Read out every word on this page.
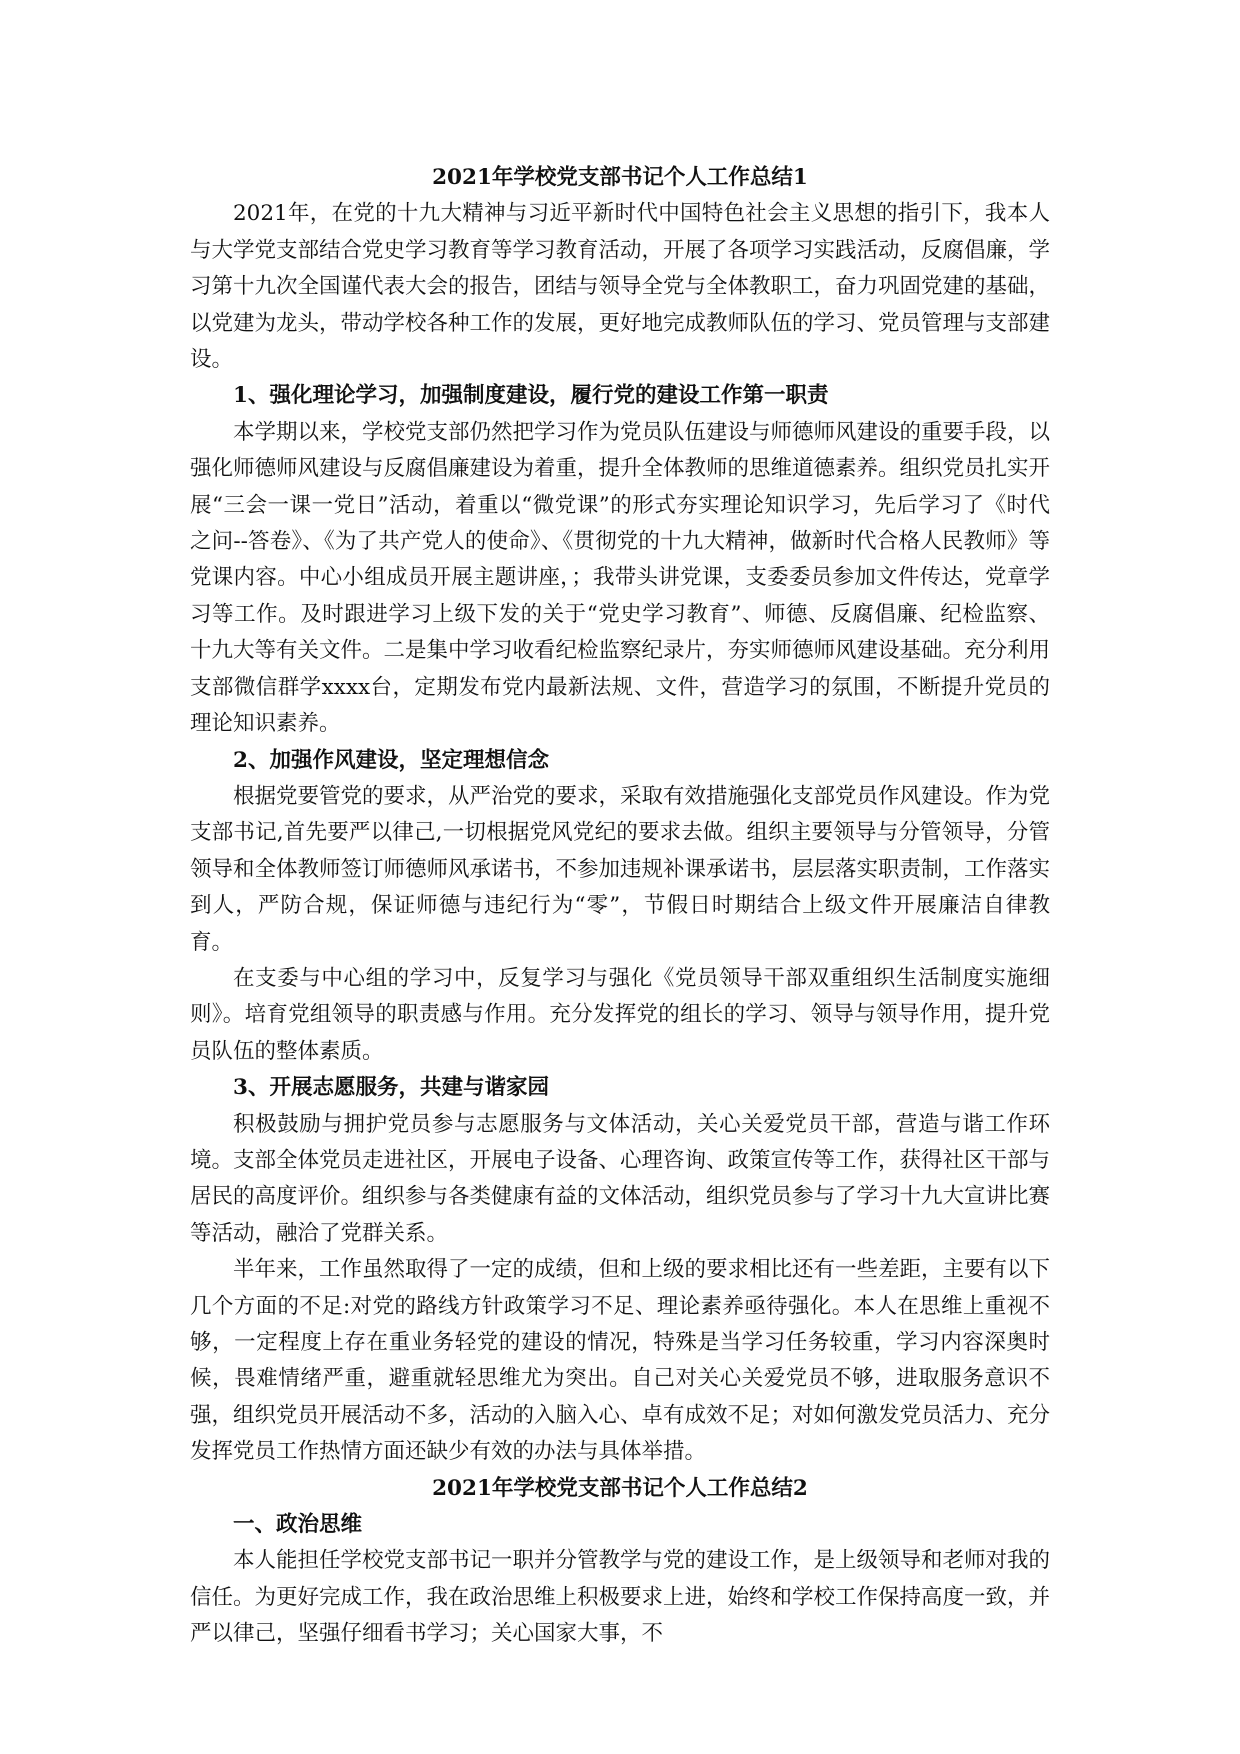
2021年学校党支部书记个人工作总结1

2021年，在党的十九大精神与习近平新时代中国特色社会主义思想的指引下，我本人与大学党支部结合党史学习教育等学习教育活动，开展了各项学习实践活动，反腐倡廉，学习第十九次全国谨代表大会的报告，团结与领导全党与全体教职工，奋力巩固党建的基础，以党建为龙头，带动学校各种工作的发展，更好地完成教师队伍的学习、党员管理与支部建设。

1、强化理论学习，加强制度建设，履行党的建设工作第一职责

本学期以来，学校党支部仍然把学习作为党员队伍建设与师德师风建设的重要手段，以强化师德师风建设与反腐倡廉建设为着重，提升全体教师的思维道德素养。组织党员扎实开展“三会一课一党日”活动，着重以“微党课”的形式夯实理论知识学习，先后学习了《时代之问--答卷》、《为了共产党人的使命》、《贯彻党的十九大精神，做新时代合格人民教师》等党课内容。中心小组成员开展主题讲座，；我带头讲党课，支委委员参加文件传达，党章学习等工作。及时跟进学习上级下发的关于“党史学习教育”、师德、反腐倡廉、纪检监察、十九大等有关文件。二是集中学习收看纪检监察纪录片，夯实师德师风建设基础。充分利用支部微信群学xxxx台，定期发布党内最新法规、文件，营造学习的氛围，不断提升党员的理论知识素养。

2、加强作风建设，坚定理想信念

根据党要管党的要求，从严治党的要求，采取有效措施强化支部党员作风建设。作为党支部书记,首先要严以律己,一切根据党风党纪的要求去做。组织主要领导与分管领导，分管领导和全体教师签订师德师风承诺书，不参加违规补课承诺书，层层落实职责制，工作落实到人，严防合规，保证师德与违纪行为“零”，节假日时期结合上级文件开展廉洁自律教育。

在支委与中心组的学习中，反复学习与强化《党员领导干部双重组织生活制度实施细则》。培育党组领导的职责感与作用。充分发挥党的组长的学习、领导与领导作用，提升党员队伍的整体素质。

3、开展志愿服务，共建与谐家园

积极鼓励与拥护党员参与志愿服务与文体活动，关心关爱党员干部，营造与谐工作环境。支部全体党员走进社区，开展电子设备、心理咨询、政策宣传等工作，获得社区干部与居民的高度评价。组织参与各类健康有益的文体活动，组织党员参与了学习十九大宣讲比赛等活动，融洽了党群关系。

半年来，工作虽然取得了一定的成绩，但和上级的要求相比还有一些差距，主要有以下几个方面的不足:对党的路线方针政策学习不足、理论素养亟待强化。本人在思维上重视不够，一定程度上存在重业务轻党的建设的情况，特殊是当学习任务较重，学习内容深奥时候，畏难情绪严重，避重就轻思维尤为突出。自己对关心关爱党员不够，进取服务意识不强，组织党员开展活动不多，活动的入脑入心、卓有成效不足；对如何激发党员活力、充分发挥党员工作热情方面还缺少有效的办法与具体举措。

2021年学校党支部书记个人工作总结2

一、政治思维

本人能担任学校党支部书记一职并分管教学与党的建设工作，是上级领导和老师对我的信任。为更好完成工作，我在政治思维上积极要求上进，始终和学校工作保持高度一致，并严以律己，坚强仔细看书学习；关心国家大事，不
